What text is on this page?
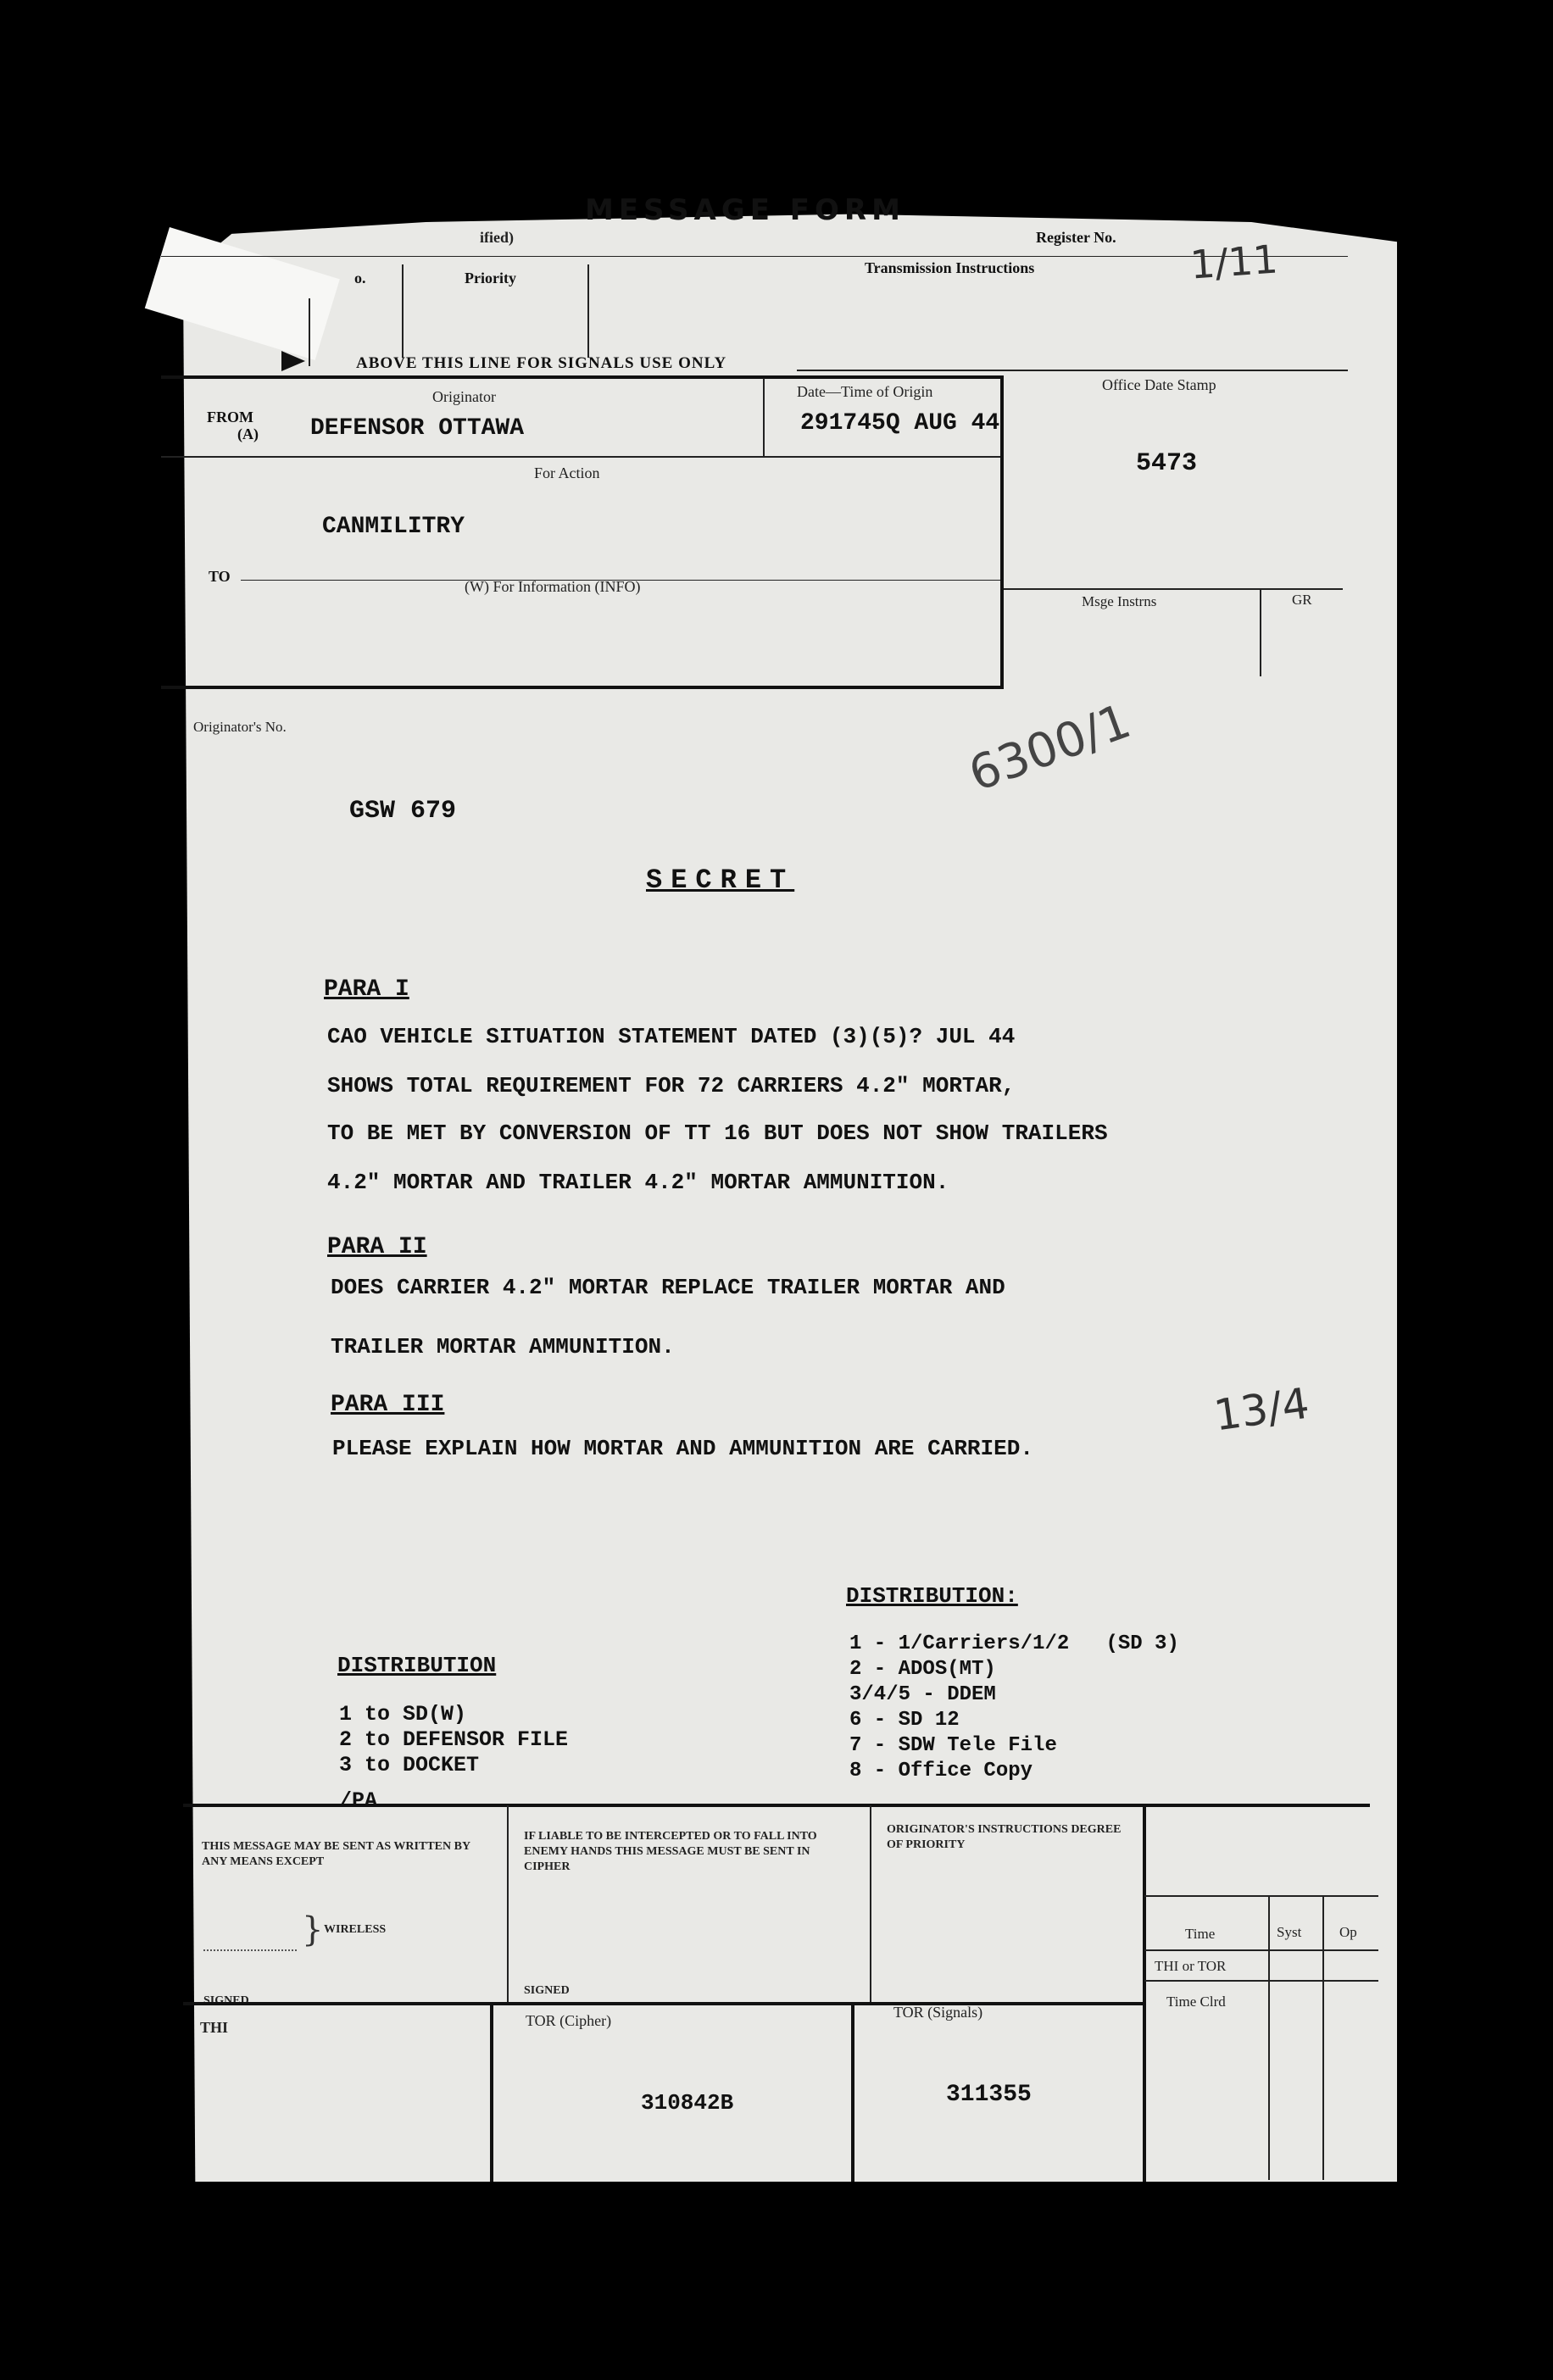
MESSAGE FORM
ified)	Register No.
o.	Priority
Transmission Instructions
ABOVE THIS LINE FOR SIGNALS USE ONLY
FROM
(A)
Originator
DEFENSOR OTTAWA
Date—Time of Origin
291745Q AUG 44
Office Date Stamp
5473
For Action
CANMILITRY
TO
(W) For Information (INFO)
Msge Instrns	GR
Originator's No.
GSW 679
SECRET
PARA I
CAO VEHICLE SITUATION STATEMENT DATED (3)(5)? JUL 44
SHOWS TOTAL REQUIREMENT FOR 72 CARRIERS 4.2" MORTAR,
TO BE MET BY CONVERSION OF TT 16 BUT DOES NOT SHOW TRAILERS
4.2" MORTAR AND TRAILER 4.2" MORTAR AMMUNITION.
PARA II
DOES CARRIER 4.2" MORTAR REPLACE TRAILER MORTAR AND
TRAILER MORTAR AMMUNITION.
PARA III
PLEASE EXPLAIN HOW MORTAR AND AMMUNITION ARE CARRIED.
DISTRIBUTION:
1 - 1/Carriers/1/2   (SD 3)
2 - ADOS(MT)
3/4/5 - DDEM
6 - SD 12
7 - SDW Tele File
8 - Office Copy
DISTRIBUTION
1 to SD(W)
2 to DEFENSOR FILE
3 to DOCKET
/PA
THIS MESSAGE MAY BE SENT AS WRITTEN BY ANY MEANS EXCEPT
} WIRELESS
SIGNED
IF LIABLE TO BE INTERCEPTED OR TO FALL INTO ENEMY HANDS THIS MESSAGE MUST BE SENT IN CIPHER
SIGNED
ORIGINATOR'S INSTRUCTIONS DEGREE OF PRIORITY
Time	Syst	Op
THI or TOR
Time Clrd
THI	TOR (Cipher)
310842B
TOR (Signals)
311355
1/11
6300/1
13/4
